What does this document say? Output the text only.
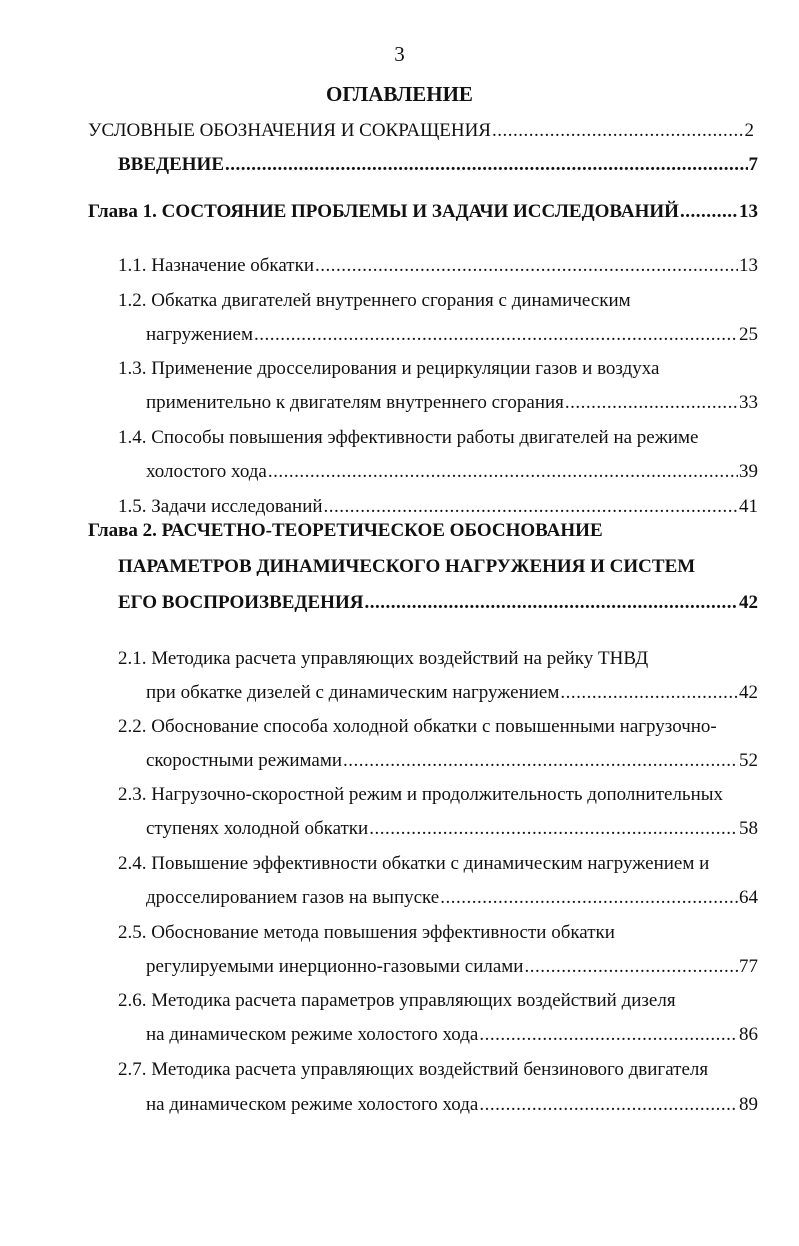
3
ОГЛАВЛЕНИЕ
УСЛОВНЫЕ ОБОЗНАЧЕНИЯ И СОКРАЩЕНИЯ .....	2
ВВЕДЕНИЕ .....	7
Глава 1. СОСТОЯНИЕ ПРОБЛЕМЫ И ЗАДАЧИ ИССЛЕДОВАНИЙ .....	13
1.1. Назначение обкатки .....	13
1.2. Обкатка двигателей внутреннего сгорания с динамическим
нагружением .....	25
1.3. Применение дросселирования и рециркуляции газов и воздуха
применительно к двигателям внутреннего сгорания .....	33
1.4. Способы повышения эффективности работы двигателей на режиме
холостого хода .....	39
1.5. Задачи исследований .....	41
Глава 2. РАСЧЕТНО-ТЕОРЕТИЧЕСКОЕ ОБОСНОВАНИЕ
ПАРАМЕТРОВ ДИНАМИЧЕСКОГО НАГРУЖЕНИЯ И СИСТЕМ
ЕГО ВОСПРОИЗВЕДЕНИЯ .....	42
2.1. Методика расчета управляющих воздействий на рейку ТНВД
при обкатке дизелей с динамическим нагружением .....	42
2.2. Обоснование способа холодной обкатки с повышенными нагрузочно-
скоростными режимами .....	52
2.3. Нагрузочно-скоростной режим и продолжительность дополнительных
ступенях холодной обкатки .....	58
2.4. Повышение эффективности обкатки с динамическим нагружением и
дросселированием газов на выпуске .....	64
2.5. Обоснование метода повышения эффективности обкатки
регулируемыми инерционно-газовыми силами .....	77
2.6. Методика расчета параметров управляющих воздействий дизеля
на динамическом режиме холостого хода .....	86
2.7. Методика расчета управляющих воздействий бензинового двигателя
на динамическом режиме холостого хода .....	89
